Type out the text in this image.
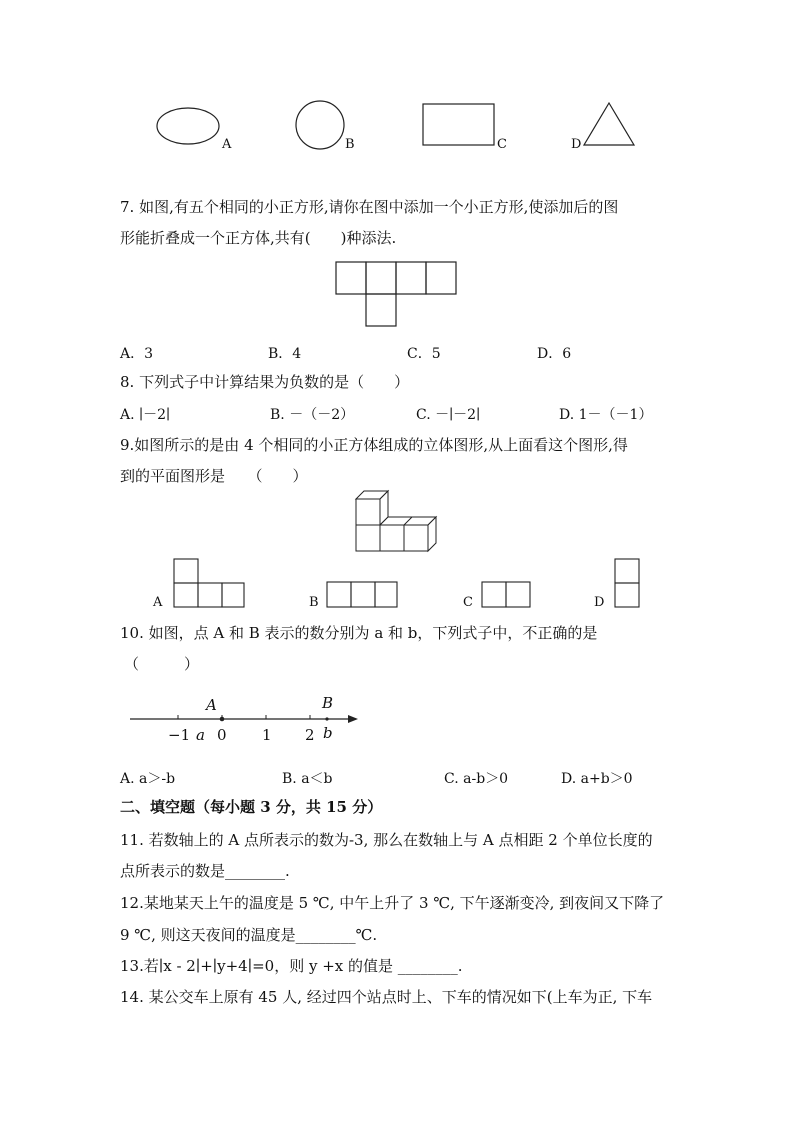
A	B	C	D
7. 如图,有五个相同的小正方形,请你在图中添加一个小正方形,使添加后的图
形能折叠成一个正方体,共有(　　)种添法.
A．3	B．4	C．5	D．6
8. 下列式子中计算结果为负数的是（　　）
A. ∣－2∣	B. －（－2）	C. －∣－2∣	D. 1－（－1）
9.如图所示的是由 4 个相同的小正方体组成的立体图形,从上面看这个图形,得
到的平面图形是　　（　　）
A	B	C	D
10. 如图，点 A 和 B 表示的数分别为 a 和 b，下列式子中，不正确的是
（　　　）
A	B
−1 a 0 1 2 b
A. a＞-b	B. a＜b	C. a-b＞0	D. a+b＞0
二、填空题（每小题 3 分，共 15 分）
11. 若数轴上的 A 点所表示的数为-3, 那么在数轴上与 A 点相距 2 个单位长度的
点所表示的数是________.
12.某地某天上午的温度是 5 ℃, 中午上升了 3 ℃, 下午逐渐变冷, 到夜间又下降了
9 ℃, 则这天夜间的温度是________℃.
13.若∣x - 2∣+∣y+4∣=0，则 y +x 的值是 ________.
14. 某公交车上原有 45 人, 经过四个站点时上、下车的情况如下(上车为正, 下车
